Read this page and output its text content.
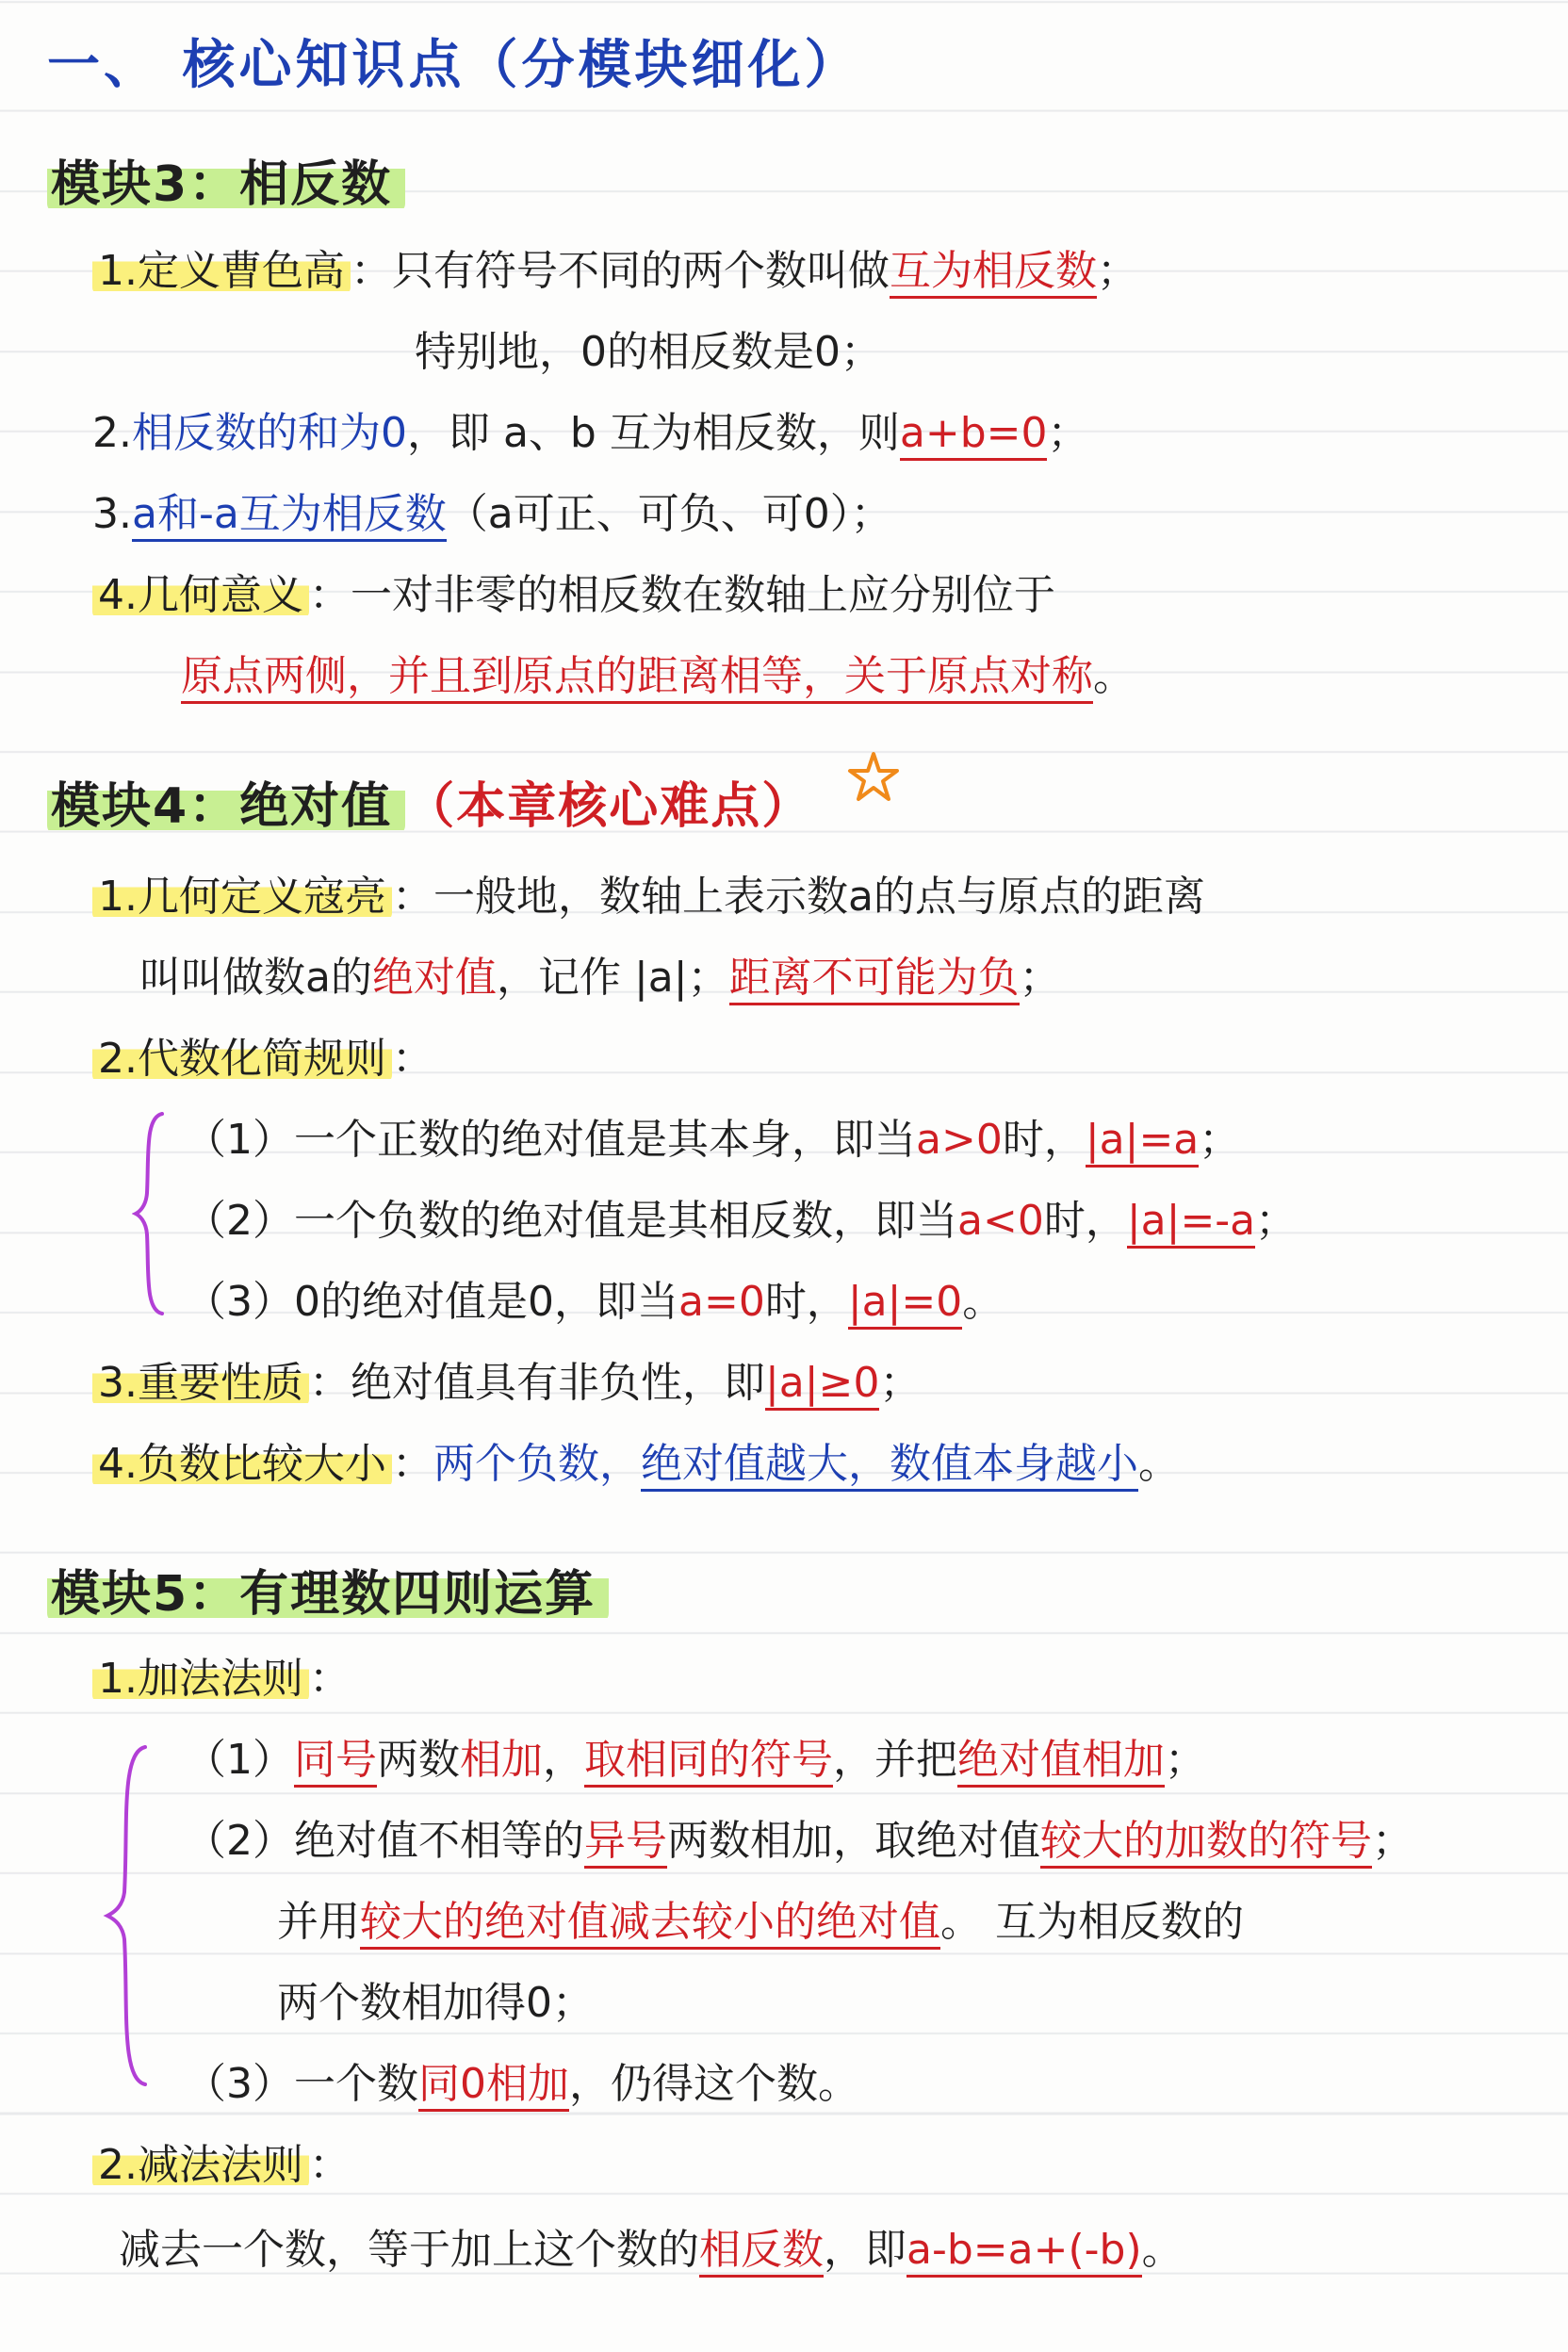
一、 核心知识点（分模块细化）
模块3：相反数
1.定义曹色高 ：只有符号不同的两个数叫做互为相反数；
特别地，0的相反数是0；
2.相反数的和为0，即 a、b 互为相反数，则a+b=0；
3.a和-a互为相反数（a可正、可负、可0）；
4.几何意义 ：一对非零的相反数在数轴上应分别位于
原点两侧，并且到原点的距离相等，关于原点对称。
模块4：绝对值 （本章核心难点）
1.几何定义寇亮 ：一般地，数轴上表示数a的点与原点的距离
叫叫做数a的绝对值，记作 |a|；距离不可能为负；
2.代数化简规则 ：
（1）一个正数的绝对值是其本身，即当a>0时，|a|=a；
（2）一个负数的绝对值是其相反数，即当a<0时，|a|=-a；
（3）0的绝对值是0，即当a=0时，|a|=0。
3.重要性质 ：绝对值具有非负性，即|a|≥0；
4.负数比较大小 ：两个负数，绝对值越大，数值本身越小。
模块5：有理数四则运算
1.加法法则 ：
（1）同号两数相加，取相同的符号，并把绝对值相加；
（2）绝对值不相等的异号两数相加，取绝对值较大的加数的符号；
并用较大的绝对值减去较小的绝对值。 互为相反数的
两个数相加得0；
（3）一个数同0相加，仍得这个数。
2.减法法则 ：
减去一个数，等于加上这个数的相反数，即a-b=a+(-b)。
